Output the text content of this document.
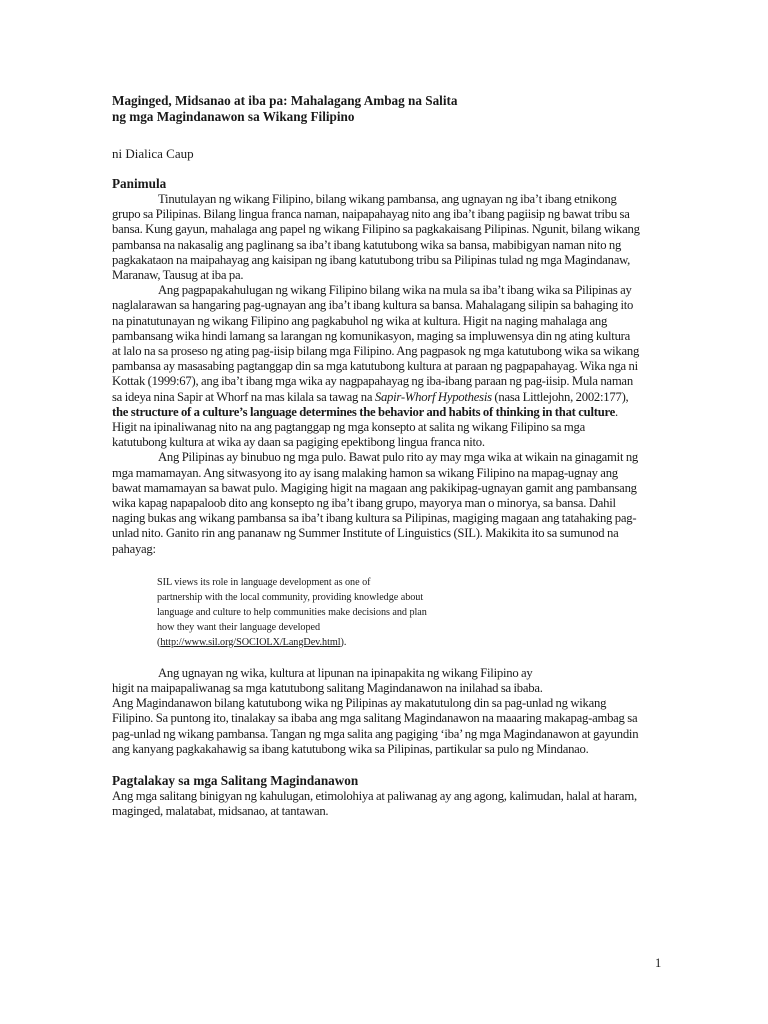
Maginged, Midsanao at iba pa: Mahalagang Ambag na Salita
ng mga Magindanawon sa Wikang Filipino

ni Dialica Caup

Panimula

Tinutulayan ng wikang Filipino, bilang wikang pambansa, ang ugnayan ng iba’t ibang etnikong grupo sa Pilipinas. Bilang lingua franca naman, naipapahayag nito ang iba’t ibang pagiisip ng bawat tribu sa bansa. Kung gayun, mahalaga ang papel ng wikang Filipino sa pagkakaisang Pilipinas. Ngunit, bilang wikang pambansa na nakasalig ang paglinang sa iba’t ibang katutubong wika sa bansa, mabibigyan naman nito ng pagkakataon na maipahayag ang kaisipan ng ibang katutubong tribu sa Pilipinas tulad ng mga Magindanaw, Maranaw, Tausug at iba pa.

Ang pagpapakahulugan ng wikang Filipino bilang wika na mula sa iba’t ibang wika sa Pilipinas ay naglalarawan sa hangaring pag-ugnayan ang iba’t ibang kultura sa bansa. Mahalagang silipin sa bahaging ito na pinatutunayan ng wikang Filipino ang pagkabuhol ng wika at kultura. Higit na naging mahalaga ang pambansang wika hindi lamang sa larangan ng komunikasyon, maging sa impluwensya din ng ating kultura at lalo na sa proseso ng ating pag-iisip bilang mga Filipino. Ang pagpasok ng mga katutubong wika sa wikang pambansa ay masasabing pagtanggap din sa mga katutubong kultura at paraan ng pagpapahayag. Wika nga ni Kottak (1999:67), ang iba’t ibang mga wika ay nagpapahayag ng iba-ibang paraan ng pag-iisip. Mula naman sa ideya nina Sapir at Whorf na mas kilala sa tawag na Sapir-Whorf Hypothesis (nasa Littlejohn, 2002:177), the structure of a culture’s language determines the behavior and habits of thinking in that culture. Higit na ipinaliwanag nito na ang pagtanggap ng mga konsepto at salita ng wikang Filipino sa mga katutubong kultura at wika ay daan sa pagiging epektibong lingua franca nito.

Ang Pilipinas ay binubuo ng mga pulo. Bawat pulo rito ay may mga wika at wikain na ginagamit ng mga mamamayan. Ang sitwasyong ito ay isang malaking hamon sa wikang Filipino na mapag-ugnay ang bawat mamamayan sa bawat pulo. Magiging higit na magaan ang pakikipag-ugnayan gamit ang pambansang wika kapag napapaloob dito ang konsepto ng iba’t ibang grupo, mayorya man o minorya, sa bansa. Dahil naging bukas ang wikang pambansa sa iba’t ibang kultura sa Pilipinas, magiging magaan ang tatahaking pag-unlad nito. Ganito rin ang pananaw ng Summer Institute of Linguistics (SIL). Makikita ito sa sumunod na pahayag:

SIL views its role in language development as one of
partnership with the local community, providing knowledge about
language and culture to help communities make decisions and plan
how they want their language developed
(http://www.sil.org/SOCIOLX/LangDev.html).

Ang ugnayan ng wika, kultura at lipunan na ipinapakita ng wikang Filipino ay
higit na maipapaliwanag sa mga katutubong salitang Magindanawon na inilahad sa ibaba.
Ang Magindanawon bilang katutubong wika ng Pilipinas ay makatutulong din sa pag-unlad ng wikang Filipino. Sa puntong ito, tinalakay sa ibaba ang mga salitang Magindanawon na maaaring makapag-ambag sa pag-unlad ng wikang pambansa. Tangan ng mga salita ang pagiging ‘iba’ ng mga Magindanawon at gayundin ang kanyang pagkakahawig sa ibang katutubong wika sa Pilipinas, partikular sa pulo ng Mindanao.

Pagtalakay sa mga Salitang Magindanawon

Ang mga salitang binigyan ng kahulugan, etimolohiya at paliwanag ay ang agong, kalimudan, halal at haram, maginged, malatabat, midsanao, at tantawan.

1
